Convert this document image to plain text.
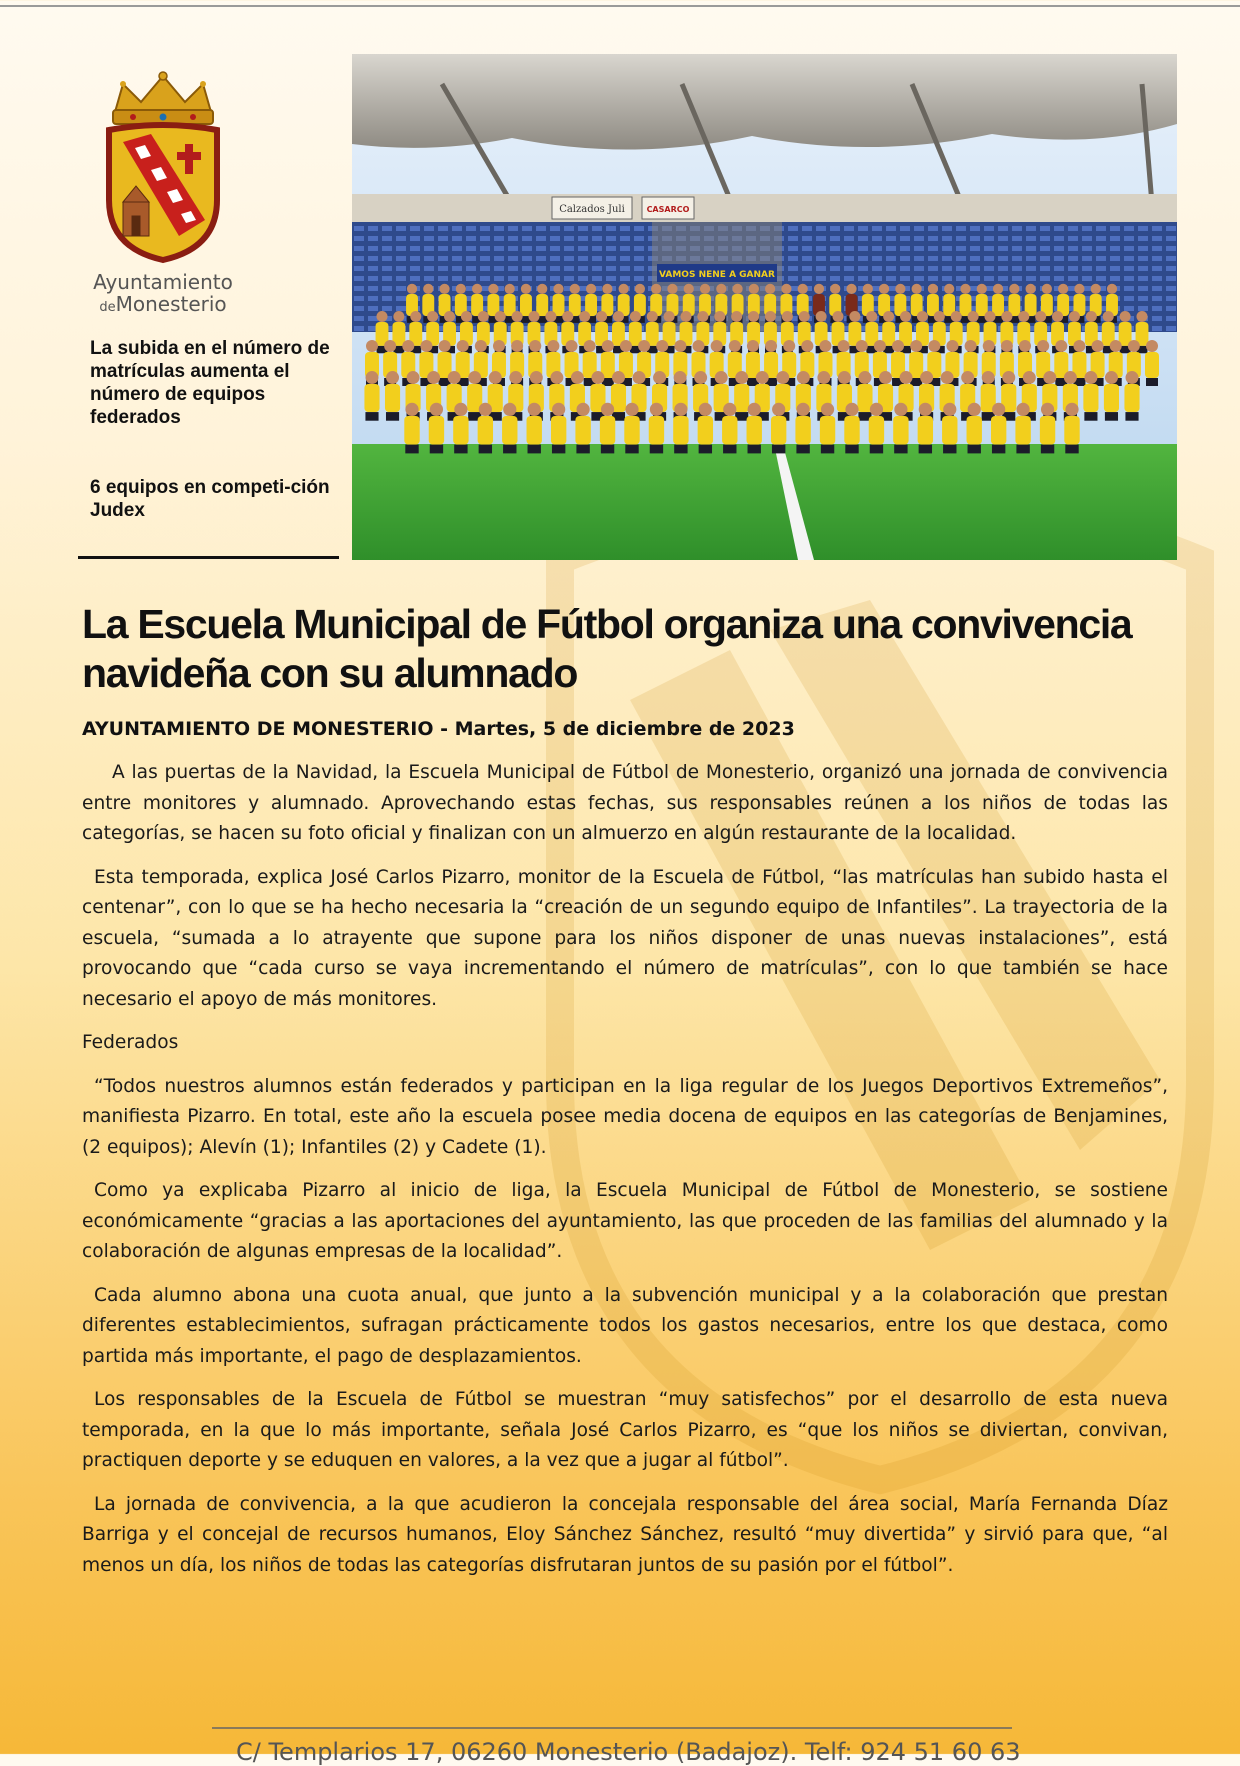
Ayuntamiento
deMonesterio
La subida en el número de matrículas aumenta el número de equipos federados
6 equipos en competi-ción Judex
Calzados Juli	CASARCO
VAMOS NENE A GANAR
La Escuela Municipal de Fútbol organiza una convivencia navideña con su alumnado
AYUNTAMIENTO DE MONESTERIO - Martes, 5 de diciembre de 2023

A las puertas de la Navidad, la Escuela Municipal de Fútbol de Monesterio, organizó una jornada de convivencia entre monitores y alumnado. Aprovechando estas fechas, sus responsables reúnen a los niños de todas las categorías, se hacen su foto oficial y finalizan con un almuerzo en algún restaurante de la localidad.

Esta temporada, explica José Carlos Pizarro, monitor de la Escuela de Fútbol, “las matrículas han subido hasta el centenar”, con lo que se ha hecho necesaria la “creación de un segundo equipo de Infantiles”. La trayectoria de la escuela, “sumada a lo atrayente que supone para los niños disponer de unas nuevas instalaciones”, está provocando que “cada curso se vaya incrementando el número de matrículas”, con lo que también se hace necesario el apoyo de más monitores.

Federados

“Todos nuestros alumnos están federados y participan en la liga regular de los Juegos Deportivos Extremeños”, manifiesta Pizarro. En total, este año la escuela posee media docena de equipos en las categorías de Benjamines, (2 equipos); Alevín (1); Infantiles (2) y Cadete (1).

Como ya explicaba Pizarro al inicio de liga, la Escuela Municipal de Fútbol de Monesterio, se sostiene económicamente “gracias a las aportaciones del ayuntamiento, las que proceden de las familias del alumnado y la colaboración de algunas empresas de la localidad”.

Cada alumno abona una cuota anual, que junto a la subvención municipal y a la colaboración que prestan diferentes establecimientos, sufragan prácticamente todos los gastos necesarios, entre los que destaca, como partida más importante, el pago de desplazamientos.

Los responsables de la Escuela de Fútbol se muestran “muy satisfechos” por el desarrollo de esta nueva temporada, en la que lo más importante, señala José Carlos Pizarro, es “que los niños se diviertan, convivan, practiquen deporte y se eduquen en valores, a la vez que a jugar al fútbol”.

La jornada de convivencia, a la que acudieron la concejala responsable del área social, María Fernanda Díaz Barriga y el concejal de recursos humanos, Eloy Sánchez Sánchez, resultó “muy divertida” y sirvió para que, “al menos un día, los niños de todas las categorías disfrutaran juntos de su pasión por el fútbol”.

C/ Templarios 17, 06260 Monesterio (Badajoz). Telf: 924 51 60 63
